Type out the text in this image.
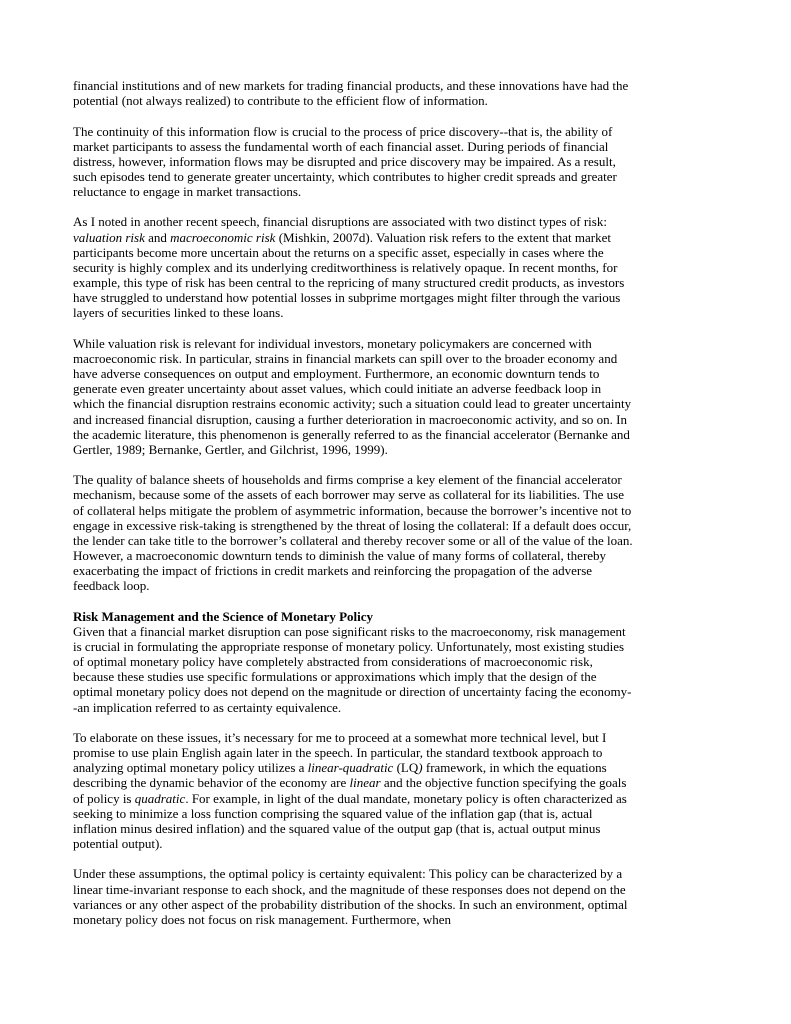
financial institutions and of new markets for trading financial products, and these innovations have had the potential (not always realized) to contribute to the efficient flow of information.

The continuity of this information flow is crucial to the process of price discovery--that is, the ability of market participants to assess the fundamental worth of each financial asset. During periods of financial distress, however, information flows may be disrupted and price discovery may be impaired. As a result, such episodes tend to generate greater uncertainty, which contributes to higher credit spreads and greater reluctance to engage in market transactions.

As I noted in another recent speech, financial disruptions are associated with two distinct types of risk: valuation risk and macroeconomic risk (Mishkin, 2007d). Valuation risk refers to the extent that market participants become more uncertain about the returns on a specific asset, especially in cases where the security is highly complex and its underlying creditworthiness is relatively opaque. In recent months, for example, this type of risk has been central to the repricing of many structured credit products, as investors have struggled to understand how potential losses in subprime mortgages might filter through the various layers of securities linked to these loans.

While valuation risk is relevant for individual investors, monetary policymakers are concerned with macroeconomic risk. In particular, strains in financial markets can spill over to the broader economy and have adverse consequences on output and employment. Furthermore, an economic downturn tends to generate even greater uncertainty about asset values, which could initiate an adverse feedback loop in which the financial disruption restrains economic activity; such a situation could lead to greater uncertainty and increased financial disruption, causing a further deterioration in macroeconomic activity, and so on. In the academic literature, this phenomenon is generally referred to as the financial accelerator (Bernanke and Gertler, 1989; Bernanke, Gertler, and Gilchrist, 1996, 1999).

The quality of balance sheets of households and firms comprise a key element of the financial accelerator mechanism, because some of the assets of each borrower may serve as collateral for its liabilities. The use of collateral helps mitigate the problem of asymmetric information, because the borrower’s incentive not to engage in excessive risk-taking is strengthened by the threat of losing the collateral: If a default does occur, the lender can take title to the borrower’s collateral and thereby recover some or all of the value of the loan. However, a macroeconomic downturn tends to diminish the value of many forms of collateral, thereby exacerbating the impact of frictions in credit markets and reinforcing the propagation of the adverse feedback loop.

Risk Management and the Science of Monetary Policy

Given that a financial market disruption can pose significant risks to the macroeconomy, risk management is crucial in formulating the appropriate response of monetary policy. Unfortunately, most existing studies of optimal monetary policy have completely abstracted from considerations of macroeconomic risk, because these studies use specific formulations or approximations which imply that the design of the optimal monetary policy does not depend on the magnitude or direction of uncertainty facing the economy--an implication referred to as certainty equivalence.

To elaborate on these issues, it’s necessary for me to proceed at a somewhat more technical level, but I promise to use plain English again later in the speech. In particular, the standard textbook approach to analyzing optimal monetary policy utilizes a linear-quadratic (LQ) framework, in which the equations describing the dynamic behavior of the economy are linear and the objective function specifying the goals of policy is quadratic. For example, in light of the dual mandate, monetary policy is often characterized as seeking to minimize a loss function comprising the squared value of the inflation gap (that is, actual inflation minus desired inflation) and the squared value of the output gap (that is, actual output minus potential output).

Under these assumptions, the optimal policy is certainty equivalent: This policy can be characterized by a linear time-invariant response to each shock, and the magnitude of these responses does not depend on the variances or any other aspect of the probability distribution of the shocks. In such an environment, optimal monetary policy does not focus on risk management. Furthermore, when
